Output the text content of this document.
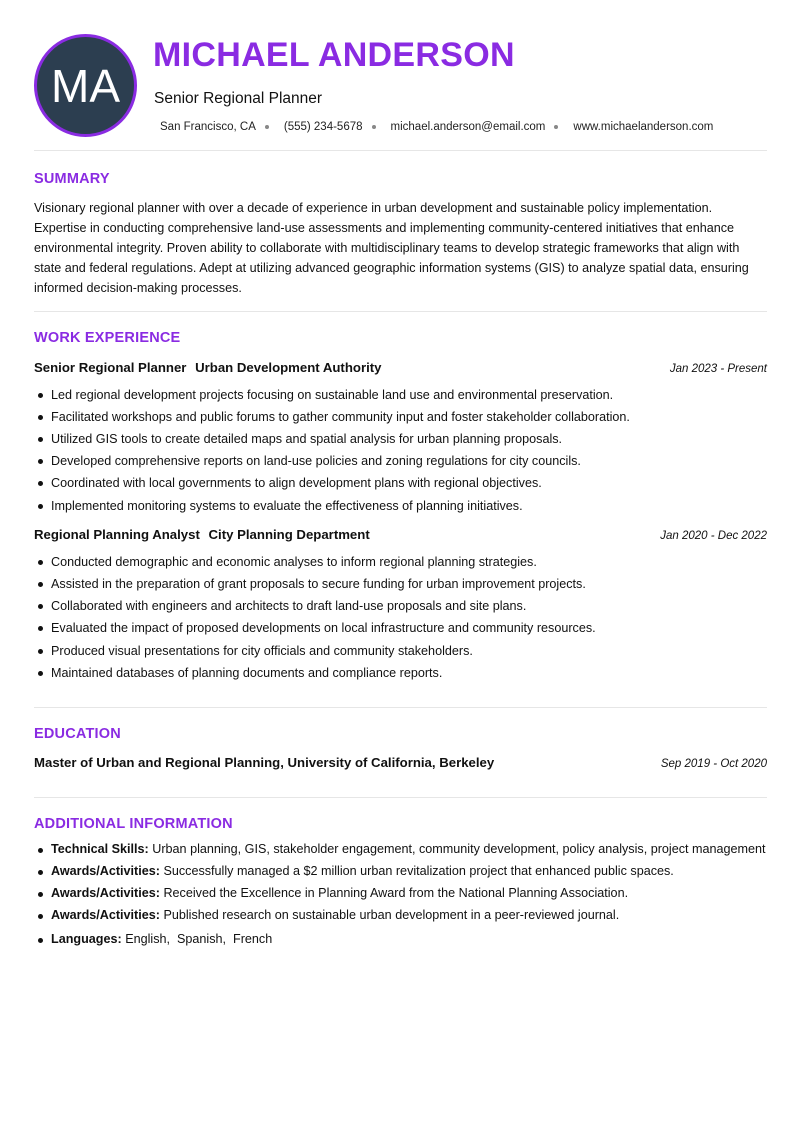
MA
MICHAEL ANDERSON
Senior Regional Planner
San Francisco, CA (555) 234-5678 michael.anderson@email.com www.michaelanderson.com
SUMMARY

Visionary regional planner with over a decade of experience in urban development and sustainable policy implementation. Expertise in conducting comprehensive land-use assessments and implementing community-centered initiatives that enhance environmental integrity. Proven ability to collaborate with multidisciplinary teams to develop strategic frameworks that align with state and federal regulations. Adept at utilizing advanced geographic information systems (GIS) to analyze spatial data, ensuring informed decision-making processes.

WORK EXPERIENCE
Senior Regional Planner Urban Development Authority	Jan 2023 - Present
Led regional development projects focusing on sustainable land use and environmental preservation.
Facilitated workshops and public forums to gather community input and foster stakeholder collaboration.
Utilized GIS tools to create detailed maps and spatial analysis for urban planning proposals.
Developed comprehensive reports on land-use policies and zoning regulations for city councils.
Coordinated with local governments to align development plans with regional objectives.
Implemented monitoring systems to evaluate the effectiveness of planning initiatives.
Regional Planning Analyst City Planning Department	Jan 2020 - Dec 2022
Conducted demographic and economic analyses to inform regional planning strategies.
Assisted in the preparation of grant proposals to secure funding for urban improvement projects.
Collaborated with engineers and architects to draft land-use proposals and site plans.
Evaluated the impact of proposed developments on local infrastructure and community resources.
Produced visual presentations for city officials and community stakeholders.
Maintained databases of planning documents and compliance reports.
EDUCATION
Master of Urban and Regional Planning, University of California, Berkeley	Sep 2019 - Oct 2020
ADDITIONAL INFORMATION
Technical Skills: Urban planning, GIS, stakeholder engagement, community development, policy analysis, project management
Awards/Activities: Successfully managed a $2 million urban revitalization project that enhanced public spaces.
Awards/Activities: Received the Excellence in Planning Award from the National Planning Association.
Awards/Activities: Published research on sustainable urban development in a peer-reviewed journal.
Languages: English,  Spanish,  French
